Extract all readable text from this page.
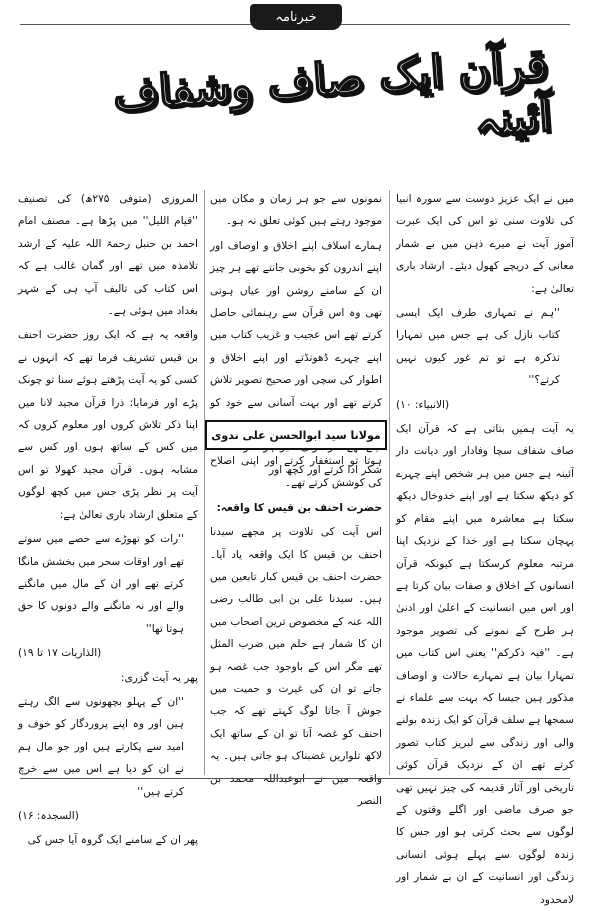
خبرنامہ
قرآن ایک صاف وشفاف آئینہ

میں نے ایک عزیز دوست سے سورہ انبیا کی تلاوت سنی تو اس کی ایک عبرت آموز آیت نے میرے ذہن میں بے شمار معانی کے دریچے کھول دیئے۔ ارشاد باری تعالیٰ ہے:

''ہم نے تمہاری طرف ایک ایسی کتاب نازل کی ہے جس میں تمہارا تذکرہ ہے تو تم غور کیوں نہیں کرتے؟''

(الانبیاء: ۱۰)

یہ آیت ہمیں بتاتی ہے کہ قرآن ایک صاف شفاف سچا وفادار اور دیانت دار آئینہ ہے جس میں ہر شخص اپنے چہرے کو دیکھ سکتا ہے اور اپنے خدوخال دیکھ سکتا ہے معاشرہ میں اپنے مقام کو پہچان سکتا ہے اور خدا کے نزدیک اپنا مرتبہ معلوم کرسکتا ہے کیونکہ قرآن انسانوں کے اخلاق و صفات بیان کرتا ہے اور اس میں انسانیت کے اعلیٰ اور ادنیٰ ہر طرح کے نمونے کی تصویر موجود ہے۔ ''فیہ ذکرکم'' یعنی اس کتاب میں تمہارا بیان ہے تمہارے حالات و اوصاف مذکور ہیں جیسا کہ بہت سے علماء نے سمجھا ہے سلف قرآن کو ایک زندہ بولنے والی اور زندگی سے لبریز کتاب تصور کرتے تھے ان کے نزدیک قرآن کوئی تاریخی اور آثار قدیمہ کی چیز نہیں تھی جو صرف ماضی اور اگلے وقتوں کے لوگوں سے بحث کرتی ہو اور جس کا زندہ لوگوں سے پہلے ہوئی انسانی زندگی اور انسانیت کے ان بے شمار اور لامحدود

نمونوں سے جو ہر زمان و مکان میں موجود رہتے ہیں کوئی تعلق نہ ہو۔

ہمارے اسلاف اپنے اخلاق و اوصاف اور اپنے اندرون کو بخوبی جانتے تھے ہر چیز ان کے سامنے روشن اور عیاں ہوتی تھی وہ اس قرآن سے رہنمائی حاصل کرتے تھے اس عجیب و غریب کتاب میں اپنے چہرے ڈھونڈتے اور اپنے اخلاق و اطوار کی سچی اور صحیح تصویر تلاش کرتے تھے اور بہت آسانی سے خود کو شکر ادا کرتے اور کچھ اور

مولانا سید ابوالحسن علی ندوی

ہوتا تو استغفار کرتے اور اپنی اصلاح کی کوشش کرتے تھے۔

حضرت احنف بن قیس کا واقعہ:

اس آیت کی تلاوت پر مجھے سیدنا احنف بن قیس کا ایک واقعہ یاد آیا۔ حضرت احنف بن قیس کبار تابعین میں ہیں۔ سیدنا علی بن ابی طالب رضی اللہ عنہ کے مخصوص ترین اصحاب میں ان کا شمار ہے حلم میں ضرب المثل تھے مگر اس کے باوجود جب غصہ ہو جاتے تو ان کی غیرت و حمیت میں جوش آ جاتا لوگ کہتے تھے کہ جب احنف کو غصہ آتا تو ان کے ساتھ ایک لاکھ تلواریں غضبناک ہو جاتی ہیں۔ یہ واقعہ میں نے ابوعبداللہ محمد بن النصر

المروزی (متوفی ۲۷۵ھ) کی تصنیف ''قیام اللیل'' میں پڑھا ہے۔ مصنف امام احمد بن حنبل رحمۃ اللہ علیہ کے ارشد تلامذہ میں تھے اور گمان غالب ہے کہ اس کتاب کی تالیف آپ ہی کے شہر بغداد میں ہوئی ہے۔

واقعہ یہ ہے کہ ایک روز حضرت احنف بن قیس تشریف فرما تھے کہ انہوں نے کسی کو یہ آیت پڑھتے ہوئے سنا تو چونک پڑے اور فرمایا: ذرا قرآن مجید لانا میں اپنا ذکر تلاش کروں اور معلوم کروں کہ میں کس کے ساتھ ہوں اور کس سے مشابہ ہوں۔ قرآن مجید کھولا تو اس آیت پر نظر پڑی جس میں کچھ لوگوں کے متعلق ارشاد باری تعالیٰ ہے:

''رات کو تھوڑے سے حصے میں سوتے تھے اور اوقات سحر میں بخشش مانگا کرتے تھے اور ان کے مال میں مانگنے والے اور نہ مانگنے والے دونوں کا حق ہوتا تھا''

(الذاریات ۱۷ تا ۱۹)

پھر یہ آیت گزری:

''ان کے پہلو بچھونوں سے الگ رہتے ہیں اور وہ اپنے پروردگار کو خوف و امید سے پکارتے ہیں اور جو مال ہم نے ان کو دیا ہے اس میں سے خرچ کرتے ہیں''

(السجدہ: ۱۶)

پھر ان کے سامنے ایک گروہ آیا جس کی
